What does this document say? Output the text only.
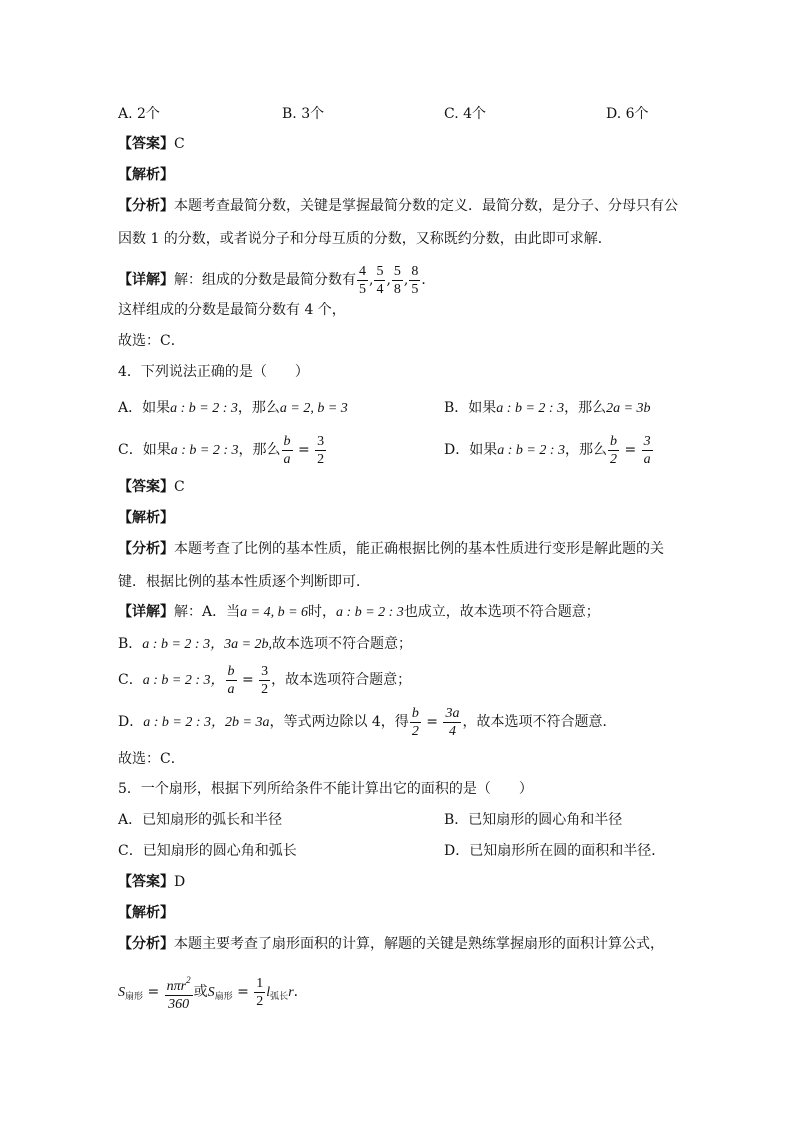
A. 2个	B. 3个	C. 4个	D. 6个
【答案】C
【解析】
【分析】本题考查最简分数，关键是掌握最简分数的定义．最简分数，是分子、分母只有公因数 1 的分数，或者说分子和分母互质的分数，又称既约分数，由此即可求解．
【详解】解：组成的分数是最简分数有 $\frac{4}{5}$ , $\frac{5}{4}$ , $\frac{5}{8}$ , $\frac{8}{5}$ ．
这样组成的分数是最简分数有 4 个，
故选：C．
4．下列说法正确的是（　　）
A．如果a : b = 2 : 3，那么a = 2, b = 3	B．如果a : b = 2 : 3，那么2a = 3b
C．如果a : b = 2 : 3，那么 $\frac{b}{a} = \frac{3}{2}$	D．如果a : b = 2 : 3，那么 $\frac{b}{2} = \frac{3}{a}$
【答案】C
【解析】
【分析】本题考查了比例的基本性质，能正确根据比例的基本性质进行变形是解此题的关键．根据比例的基本性质逐个判断即可．
【详解】解：A．当a = 4, b = 6时，a : b = 2 : 3也成立，故本选项不符合题意；
B．a : b = 2 : 3，3a = 2b,故本选项不符合题意；
C．a : b = 2 : 3， $\frac{b}{a} = \frac{3}{2}$ ，故本选项符合题意；
D．a : b = 2 : 3，2b = 3a，等式两边除以 4，得 $\frac{b}{2} = \frac{3a}{4}$ ，故本选项不符合题意．
故选：C．
5．一个扇形，根据下列所给条件不能计算出它的面积的是（　　）
A．已知扇形的弧长和半径	B．已知扇形的圆心角和半径
C．已知扇形的圆心角和弧长	D．已知扇形所在圆的面积和半径．
【答案】D
【解析】
【分析】本题主要考查了扇形面积的计算，解题的关键是熟练掌握扇形的面积计算公式，
$S_{扇形} = \frac{n\pi r^2}{360}$ 或$S_{扇形} = \frac{1}{2} l_{弧长}r$．
